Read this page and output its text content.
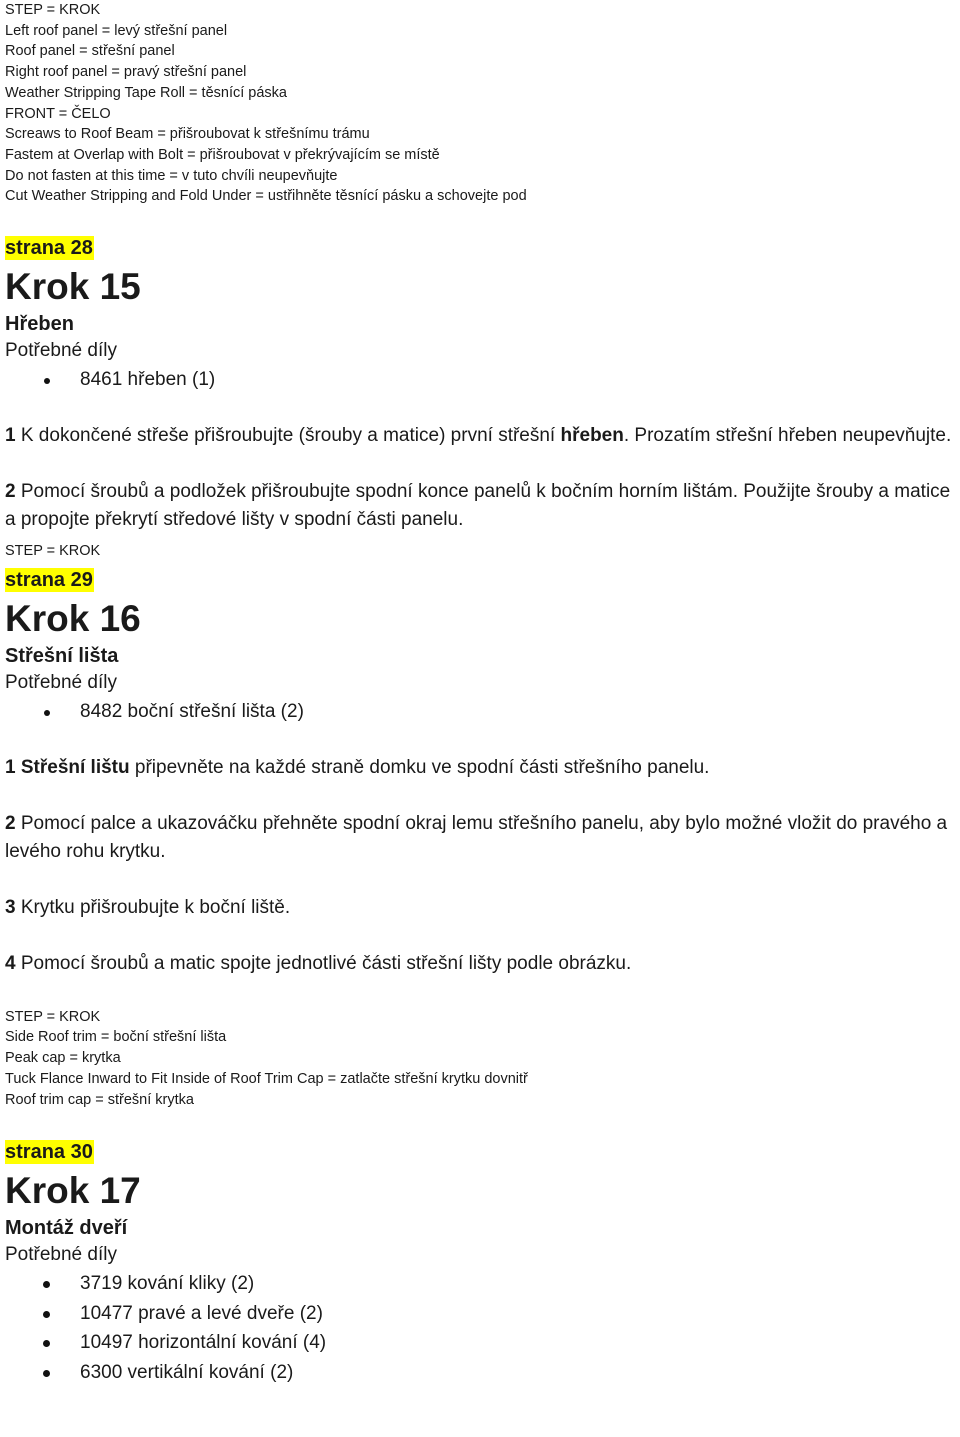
STEP = KROK
Left roof panel = levý střešní panel
Roof panel = střešní panel
Right roof panel = pravý střešní panel
Weather Stripping Tape Roll = těsnící páska
FRONT = ČELO
Screaws to Roof Beam = přišroubovat k střešnímu trámu
Fastem at Overlap with Bolt = přišroubovat v překrývajícím se místě
Do not fasten at this time = v tuto chvíli neupevňujte
Cut Weather Stripping and Fold Under = ustřihněte těsnící pásku a schovejte pod
strana 28
Krok 15
Hřeben
Potřebné díly
8461 hřeben (1)
1 K dokončené střeše přišroubujte (šrouby a matice) první střešní hřeben. Prozatím střešní hřeben neupevňujte.
2 Pomocí šroubů a podložek přišroubujte spodní konce panelů k bočním horním lištám. Použijte šrouby a matice a propojte překrytí středové lišty v spodní části panelu.
STEP = KROK
strana 29
Krok 16
Střešní lišta
Potřebné díly
8482 boční střešní lišta (2)
1 Střešní lištu připevněte na každé straně domku ve spodní části střešního panelu.
2 Pomocí palce a ukazováčku přehněte spodní okraj lemu střešního panelu, aby bylo možné vložit do pravého a levého rohu krytku.
3 Krytku přišroubujte k boční liště.
4 Pomocí šroubů a matic spojte jednotlivé části střešní lišty podle obrázku.
STEP = KROK
Side Roof trim = boční střešní lišta
Peak cap = krytka
Tuck Flance Inward to Fit Inside of Roof Trim Cap = zatlačte střešní krytku dovnitř
Roof trim cap = střešní krytka
strana 30
Krok 17
Montáž dveří
Potřebné díly
3719 kování kliky (2)
10477 pravé a levé dveře (2)
10497 horizontální kování (4)
6300 vertikální kování (2)
